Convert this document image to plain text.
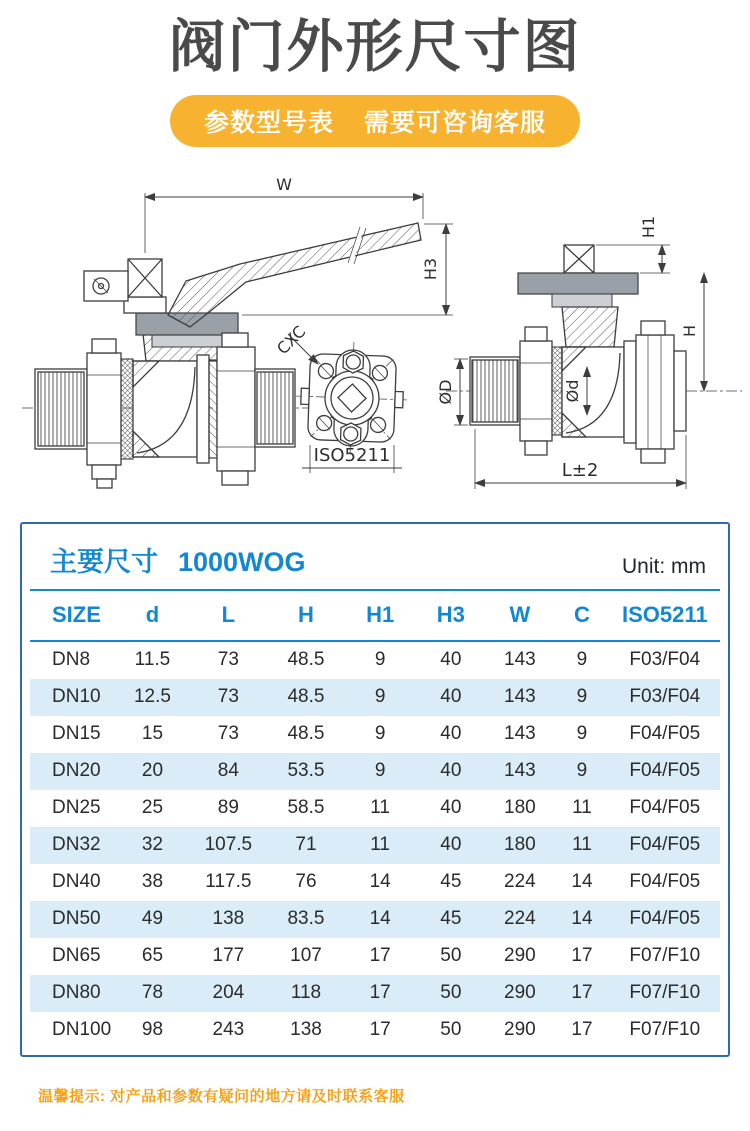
阀门外形尺寸图
参数型号表 需要可咨询客服
W
H3
CXC
ISO5211
ØD	Ød
H1
H
L±2
主要尺寸 1000WOG	Unit: mm
SIZE	d	L	H	H1	H3	W	C	ISO5211
DN8	11.5	73	48.5	9	40	143	9	F03/F04
DN10	12.5	73	48.5	9	40	143	9	F03/F04
DN15	15	73	48.5	9	40	143	9	F04/F05
DN20	20	84	53.5	9	40	143	9	F04/F05
DN25	25	89	58.5	11	40	180	11	F04/F05
DN32	32	107.5	71	11	40	180	11	F04/F05
DN40	38	117.5	76	14	45	224	14	F04/F05
DN50	49	138	83.5	14	45	224	14	F04/F05
DN65	65	177	107	17	50	290	17	F07/F10
DN80	78	204	118	17	50	290	17	F07/F10
DN100	98	243	138	17	50	290	17	F07/F10
温馨提示: 对产品和参数有疑问的地方请及时联系客服
